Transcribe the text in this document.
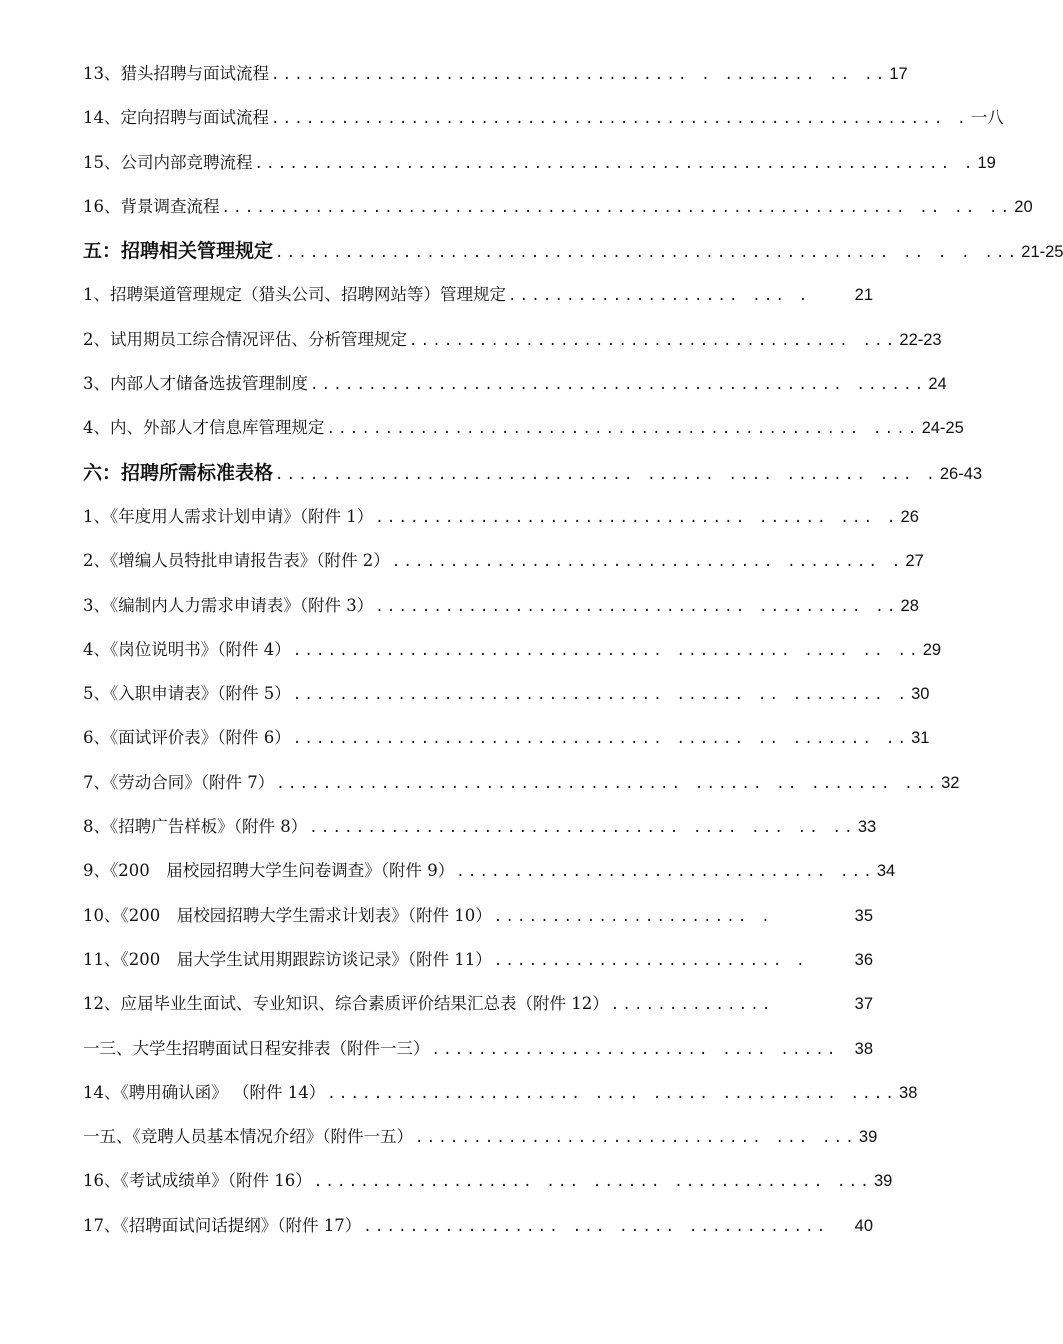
13、猎头招聘与面试流程 .................................... . ........ .. .. 17
14、定向招聘与面试流程 .......................................................... . 一八
15、公司内部竞聘流程 ............................................................ . 19
16、背景调查流程 ........................................................... .. .. .. 20
五：招聘相关管理规定 ..................................................... .. . . ... 21-25
1、招聘渠道管理规定（猎头公司、招聘网站等）管理规定 .................... ... .	21
2、试用期员工综合情况评估、分析管理规定 ...................................... ... 22-23
3、内部人才储备选拔管理制度 .............................................. ...... 24
4、内、外部人才信息库管理规定 .............................................. .... 24-25
六：招聘所需标准表格 ............................... ...... .... ....... ... . 26-43
1、《年度用人需求计划申请》（附件 1） ................................ ...... ... . 26
2、《增编人员特批申请报告表》（附件 2） ................................. ........ . 27
3、《编制内人力需求申请表》（附件 3） ................................ ......... .. 28
4、《岗位说明书》（附件 4） ................................ .......... .... .. .. 29
5、《入职申请表》（附件 5） ................................ ...... .. ........ . 30
6、《面试评价表》（附件 6） ................................ ...... .. ....... .. 31
7、《劳动合同》（附件 7） ................................... ...... .. ....... ... 32
8、《招聘广告样板》（附件 8） ................................ .... ... .. .. 33
9、《200　届校园招聘大学生问卷调查》（附件 9） ................................ ... 34
10、《200　届校园招聘大学生需求计划表》（附件 10） ...................... .	35
11、《200　届大学生试用期跟踪访谈记录》（附件 11） ......................... .	36
12、应届毕业生面试、专业知识、综合素质评价结果汇总表（附件 12） ..............	37
一三、大学生招聘面试日程安排表（附件一三） ........................ .... ..... 38
14、《聘用确认函》 （附件 14） ...................... .... ..... .......... .... 38
一五、《竞聘人员基本情况介绍》（附件一五） .............................. ... ... 39
16、《考试成绩单》（附件 16） ................... ... ...... ............. ... 39
17、《招聘面试问话提纲》（附件 17） ................. ... ..... ............	40
